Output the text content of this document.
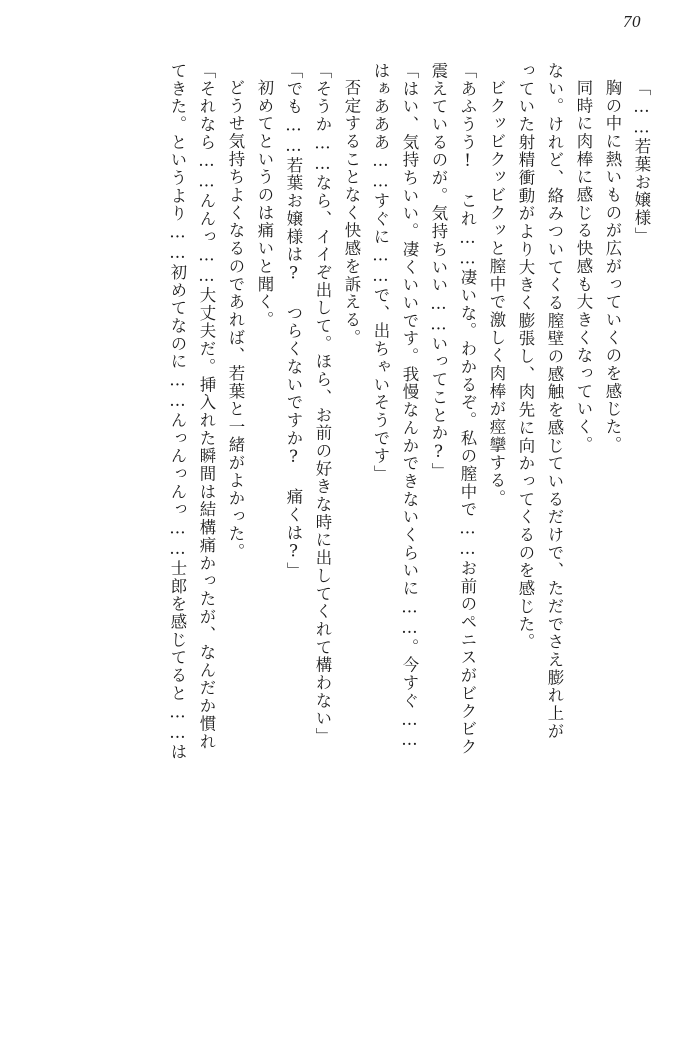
70
「……若葉お嬢様」
胸の中に熱いものが広がっていくのを感じた。
同時に肉棒に感じる快感も大きくなっていく。
ない。けれど、絡みついてくる膣壁の感触を感じているだけで、ただでさえ膨れ上が
っていた射精衝動がより大きく膨張し、肉先に向かってくるのを感じた。
ビクッビクッビクッと膣中で激しく肉棒が痙攣する。
「あふうう! これ……凄いな。わかるぞ。私の膣中で……お前のペニスがビクビク
震えているのが。気持ちいい……いってことか?」
「はい、気持ちいい。凄くいいです。我慢なんかできないくらいに……。今すぐ……
はぁあああ……すぐに……で、出ちゃいそうです」
否定することなく快感を訴える。
「そうか……なら、イイぞ出して。ほら、お前の好きな時に出してくれて構わない」
「でも……若葉お嬢様は? つらくないですか? 痛くは?」
初めてというのは痛いと聞く。
どうせ気持ちよくなるのであれば、若葉と一緒がよかった。
「それなら……んんっ……大丈夫だ。挿入れた瞬間は結構痛かったが、なんだか慣れ
てきた。というより……初めてなのに……んっんっんっ……士郎を感じてると……は
